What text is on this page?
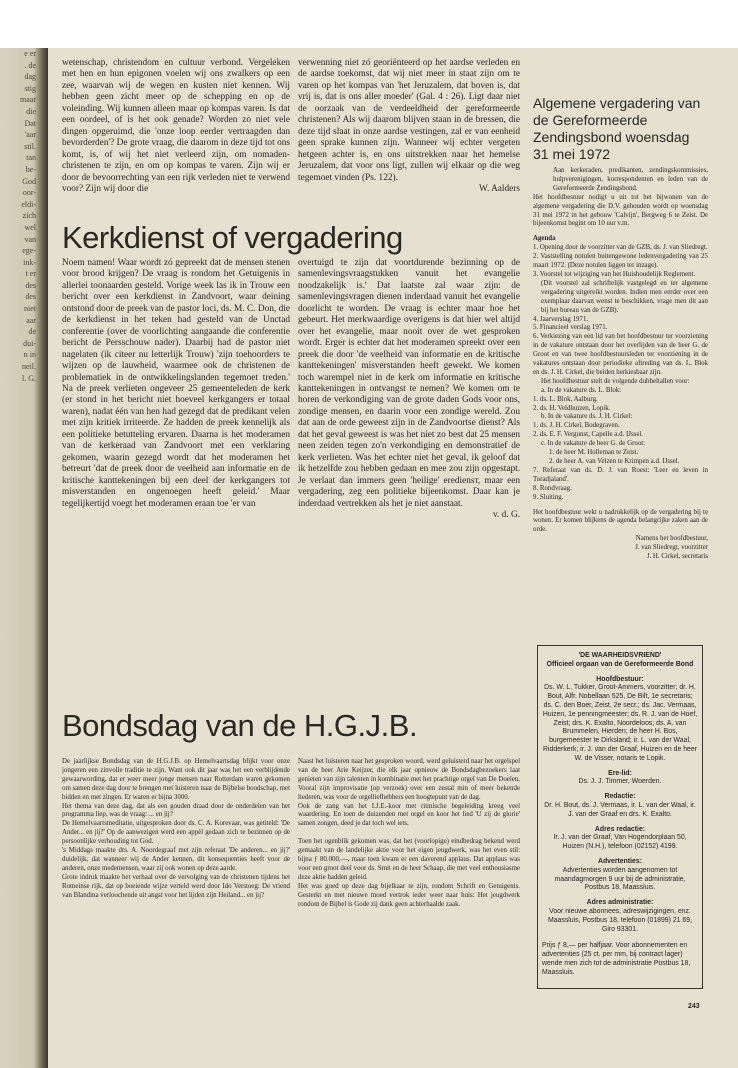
e er

. de

dag

stig

maar

die

Dat

'aar

stil.

tan

be-

God

oor-

eldi-

zich

wel

van

ege-

ink-

t er

des

des

niet

aar

de

dui-

n in

neil.

l. G.

wetenschap, christendom en cultuur verbond. Vergeleken met hen en hun epigonen voelen wij ons zwalkers op een zee, waarvan wij de wegen en kusten niet kennen. Wij hebben geen zicht meer op de schepping en op de voleinding. Wij kunnen alleen maar op kompas varen. Is dat een oordeel, of is het ook genade? Worden zo niet vele dingen opgeruimd, die 'onze loop eerder vertraagden dan bevorderden'? De grote vraag, die daarom in deze tijd tot ons komt, is, of wij het niet verleerd zijn, om nomaden-christenen te zijn, en om op kompas te varen. Zijn wij er door de bevoorrechting van een rijk verleden niet te verwend voor? Zijn wij door die

verwenning niet zó georiënteerd op het aardse verleden en de aardse toekomst, dat wij niet meer in staat zijn om te varen op het kompas van 'het Jeruzalem, dat boven is, dat vrij is, dat is ons aller moeder' (Gal. 4 : 26). Ligt daar niet de oorzaak van de verdeeldheid der gereformeerde christenen? Als wij daarom blijven staan in de bressen, die deze tijd slaat in onze aardse vestingen, zal er van eenheid geen sprake kunnen zijn. Wanneer wij echter vergeten hetgeen achter is, en ons uitstrekken naar het hemelse Jeruzalem, dat voor ons ligt, zullen wij elkaar op die weg tegemoet vinden (Ps. 122).

W. Aalders

Kerkdienst of vergadering

Noem namen! Waar wordt zó gepreekt dat de mensen stenen voor brood krijgen? De vraag is rondom het Getuigenis in allerlei toonaarden gesteld. Vorige week las ik in Trouw een bericht over een kerkdienst in Zandvoort, waar deining ontstond door de preek van de pastor loci, ds. M. C. Don, die de kerkdienst in het teken had gesteld van de Unctad conferentie (over de voorlichting aangaande die conferentie bericht de Persschouw nader). Daarbij had de pastor niet nagelaten (ik citeer nu letterlijk Trouw) 'zijn toehoorders te wijzen op de lauwheid, waarmee ook de christenen de problematiek in de ontwikkelingslanden tegemoet treden.' Na de preek verlieten ongeveer 25 gemeenteleden de kerk (er stond in het bericht niet hoeveel kerkgangers er totaal waren), nadat één van hen had gezegd dat de predikant velen met zijn kritiek irriteerde. Ze hadden de preek kennelijk als een politieke betutteling ervaren. Daarna is het moderamen van de kerkeraad van Zandvoort met een verklaring gekomen, waarin gezegd wordt dat het moderamen het betreurt 'dat de preek door de veelheid aan informatie en de kritische kanttekeningen bij een deel der kerkgangers tot misverstanden en ongenoegen heeft geleid.' Maar tegelijkertijd voegt het moderamen eraan toe 'er van

overtuigd te zijn dat voortdurende bezinning op de samenlevingsvraagstukken vanuit het evangelie noodzakelijk is.' Dat laatste zal waar zijn: de samenlevingsvragen dienen inderdaad vanuit het evangelie doorlicht te worden. De vraag is echter maar hoe het gebeurt. Het merkwaardige overigens is dat hier wel altijd over het evangelie, maar nooit over de wet gesproken wordt. Erger is echter dat het moderamen spreekt over een preek die door 'de veelheid van informatie en de kritische kanttekeningen' misverstanden heeft gewekt. We komen toch warempel niet in de kerk om informatie en kritische kanttekeningen in ontvangst te nemen? We komen om te horen de verkondiging van de grote daden Gods voor ons, zondige mensen, en daarin voor een zondige wereld. Zou dat aan de orde geweest zijn in de Zandvoortse dienst? Als dat het geval geweest is was het niet zo best dat 25 mensen neen zeiden tegen zo'n verkondiging en demonstratief de kerk verlieten. Was het echter niet het geval, ik geloof dat ik hetzelfde zou hebben gedaan en mee zou zijn opgestapt. Je verlaat dan immers geen 'heilige' erediensт, maar een vergadering, zeg een politieke bijeenkomst. Daar kan je inderdaad vertrekken als het je niet aanstaat.

v. d. G.

Bondsdag van de H.G.J.B.

De jaarlijkse Bondsdag van de H.G.J.B. op Hemelvaartsdag blijkt voor onze jongeren een zinvolle traditie te zijn. Want ook dit jaar was het een verblijdende gewaarwording, dat er weer meer jonge mensen naar Rotterdam waren gekomen om samen deze dag door te brengen met luisteren naar de Bijbelse boodschap, met bidden en met zingen. Er waren er bijna 3000.

Het thema van deze dag, dat als een gouden draad door de onderdelen van het programma liep, was de vraag: ... en jij?

De Hemelvaartsmeditatie, uitgesproken door ds. C. A. Korevaar, was getiteld: 'De Ander... en jij?' Op de aanwezigen werd een appèl gedaan zich te bezinnen op de persoonlijke verhouding tot God.

's Middags maakte drs. A. Noordegraaf met zijn referaat 'De anderen... en jij?' duidelijk, dat wanneer wij de Ander kennen, dit konsequenties heeft voor de anderen, onze medemensen, waar zij ook wonen op deze aarde.

Grote indruk maakte het verhaal over de vervolging van de christenen tijdens het Romeinse rijk, dat op boeiende wijze verteld werd door Ido Verstoeg: De vriend van Blandina verloochende uit angst voor het lijden zijn Heiland... en jij?

Naast het luisteren naar het gesproken woord, werd geluisterd naar het orgelspel van de heer Arie Keijzer, die elk jaar opnieuw de Bondsdagbezoekers laat genieten van zijn talenten in kombinatie met het prachtige orgel van De Doelen. Vooral zijn improvisatie (op verzoek) over een zestal min of meer bekende liederen, was voor de orgelliefhebbers een hoogtepunt van de dag.

Ook de zang van het I.J.E.-koor met ritmische begeleiding kreeg veel waardering. En toen de duizenden met orgel en koor het lied 'U zij de glorie' samen zongen, deed je dat toch wel iets.

Toen het ogenblik gekomen was, dat het (voorlopige) eindbedrag bekend werd gemaakt van de landelijke aktie voor het eigen jeugdwerk, was het even stil: bijna ƒ 80.000,—, maar toen kwam er een daverend applaus. Dat applaus was voor een groot deel voor ds. Smit en de heer Schaap, die met veel enthousiasme deze aktie hadden geleid.

Het was goed op deze dag bijelkaar te zijn, rondom Schrift en Getuigenis. Gesterkt en met nieuwe moed vertrok ieder weer naar huis: Het jeugdwerk rondom de Bijbel is Gode zij dank geen achterhaalde zaak.

Algemene vergadering van de Gereformeerde Zendingsbond woensdag 31 mei 1972

Aan kerkeraden, predikanten, zendingskommissies, hulpverenigingen, korrespondenten en leden van de Gereformeerde Zendingsbond.

Het hoofdbestuur nodigt u uit tot het bijwonen van de algemene vergadering die D.V. gehouden wordt op woensdag 31 mei 1972 in het gebouw 'Calvijn', Bergweg 6 te Zeist. De bijeenkomst begint om 10 uur v.m.

Agenda

1. Opening door de voorzitter van de GZB, ds. J. van Sliedregt.

2. Vaststelling notulen buitengewone ledenvergadering van 25 maart 1972. (Deze notulen liggen ter inzage).

3. Voorstel tot wijziging van het Huishoudelijk Reglement.

(Dit voorstel zal schriftelijk vastgelegd en ter algemene vergadering uitgereikt worden. Indien men eerder over een exemplaar daarvan wenst te beschikken, vrage men dit aan bij het bureau van de GZB).

4. Jaarverslag 1971.

5. Financieel verslag 1971.

6. Verkiezing van een lid van het hoofdbestuur ter voorziening in de vakature ontstaan door het overlijden van de heer G. de Groot en van twee hoofdbestuursleden ter voorziening in de vakatures ontstaan door periodieke aftreding van ds. L. Blok en ds. J. H. Cirkel, die beiden herkiesbaar zijn.

Het hoofdbestuur stelt de volgende dubbeltallen voor:

a. In de vakature ds. L. Blok:

1. ds. L. Blok, Aalburg.

2. ds. H. Veldhuizen, Lopik.

b. In de vakature ds. J. H. Cirkel:

1. ds. J. H. Cirkel, Bodegraven.

2. ds. E. F. Vergunst, Capelle a.d. IJssel.

c. In de vakature de heer G. de Groot:

1. de heer M. Holleman te Zeist.

2. de heer A. van Velzen te Krimpen a.d. IJssel.

7. Referaat van ds. D. J. van Roest: 'Leer en leven in Toradjaland'.

8. Rondvraag.

9. Sluiting.

Het hoofdbestuur wekt u nadrukkelijk op de vergadering bij te wonen. Er komen blijkens de agenda belangrijke zaken aan de orde.

Namens het hoofdbestuur,

J. van Sliedregt, voorzitter

J. H. Cirkel, secretaris

'DE WAARHEIDSVRIEND'

Officieel orgaan van de Gereformeerde Bond

Hoofdbestuur:

Ds. W. L. Tukker, Groot-Ammers, voorzitter; dr. H. Bout, Alfr. Nobellaan 525, De Bilt, 1e secretaris; ds. C. den Boer, Zeist, 2e secr.; ds. Jac. Vermaas, Huizen, 1e penningmeester; ds. R. J. van de Hoef, Zeist; drs. K. Exalto, Noordeloos; ds. A. van Brummelen, Hierden; de heer H. Bos, burgemeester te Dirksland; ir. L. van der Waal, Ridderkerk; ir. J. van der Graaf, Huizen en de heer W. de Visser, notaris te Lopik.

Ere-lid:

Ds. J. J. Timmer, Woerden.

Redactie:

Dr. H. Bout, ds. J. Vermaas, ir. L. van der Waal, ir. J. van der Graaf en drs. K. Exalto.

Adres redactie:

Ir. J. van der Graaf, Van Hogendorplaan 50, Huizen (N.H.), telefoon (02152) 4199.

Advertenties:

Advertenties worden aangenomen tot maandagmorgen 9 uur bij de administratie, Postbus 18, Maassluis.

Adres administratie:

Voor nieuwe abonnees, adreswijzigingen, enz. Maassluis, Postbus 18, telefoon (01899) 21 69, Giro 93301.

Prijs ƒ 8,— per halfjaar. Voor abonnementen en advertenties (25 ct. per mm, bij contract lager) wende men zich tot de administratie Postbus 18, Maassluis.

243
